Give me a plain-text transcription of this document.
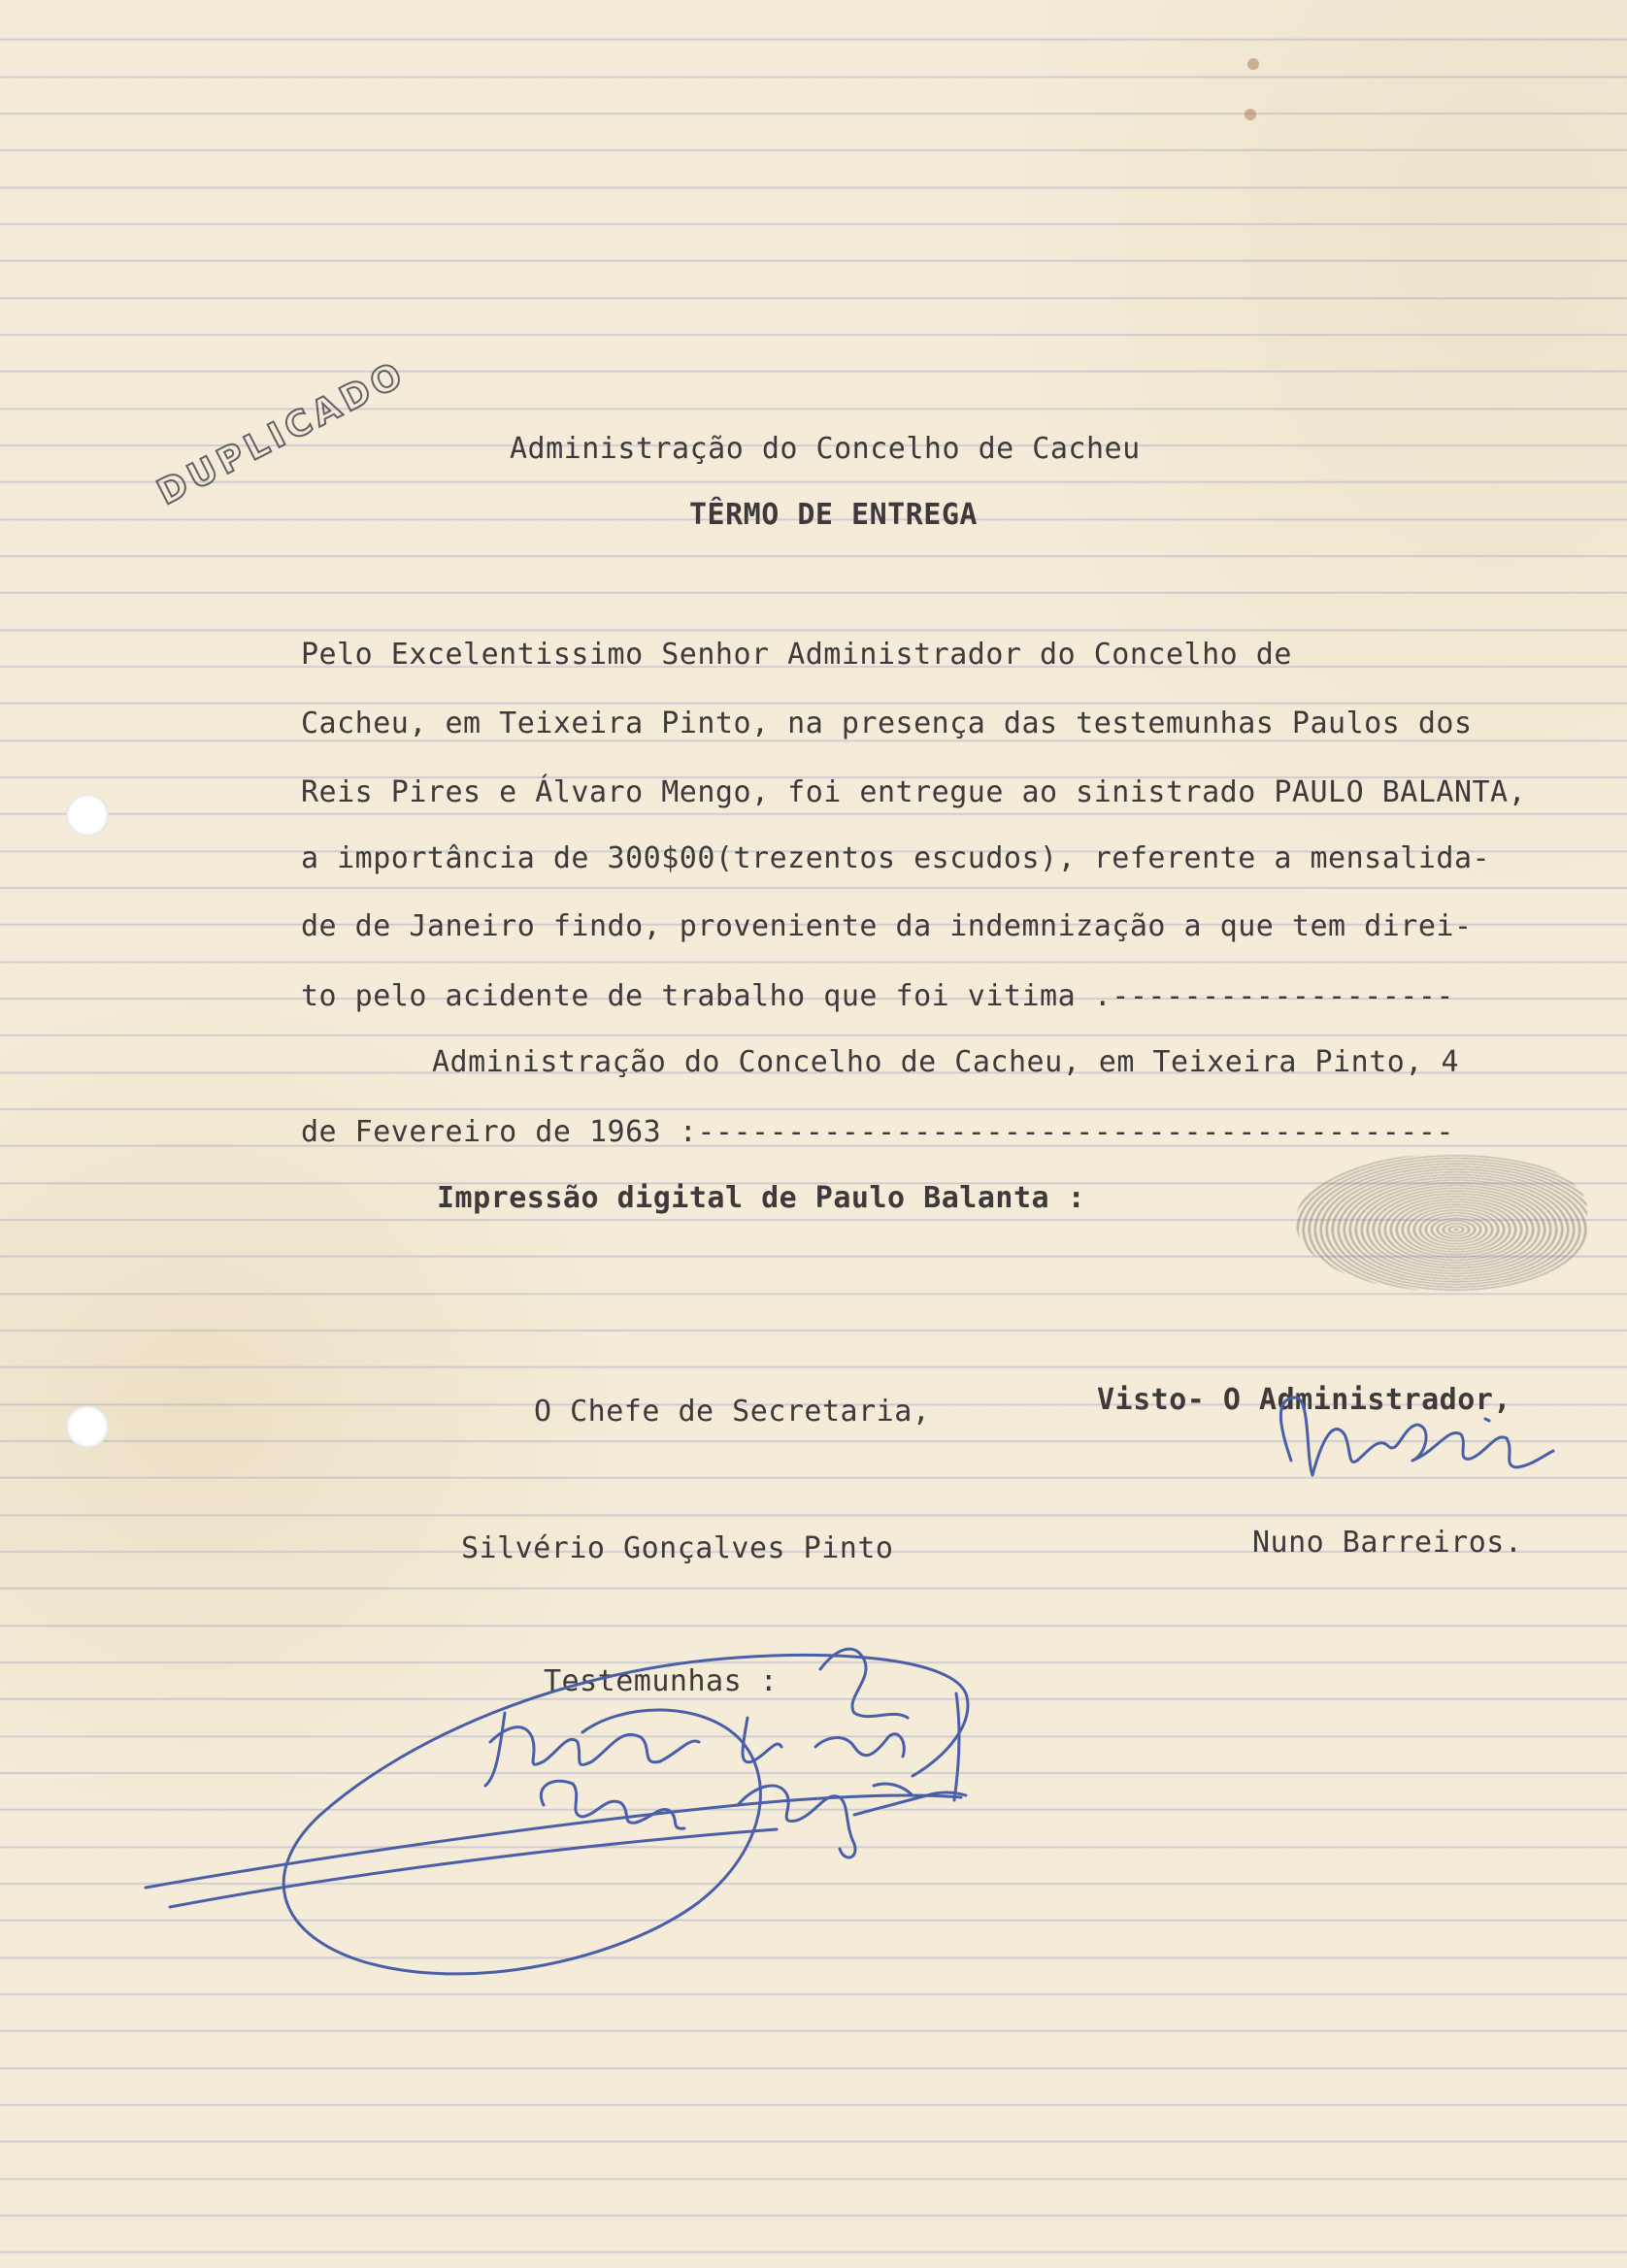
DUPLICADO	Administração do Concelho de Cacheu
TÊRMO DE ENTREGA
Pelo Excelentissimo Senhor Administrador do Concelho de
Cacheu, em Teixeira Pinto, na presença das testemunhas Paulos dos
Reis Pires e Álvaro Mengo, foi entregue ao sinistrado PAULO BALANTA,
a importância de 300$00(trezentos escudos), referente a mensalida-
de de Janeiro findo, proveniente da indemnização a que tem direi-
to pelo acidente de trabalho que foi vitima .-------------------
Administração do Concelho de Cacheu, em Teixeira Pinto, 4
de Fevereiro de 1963 :------------------------------------------
Impressão digital de Paulo Balanta :
O Chefe de Secretaria,	Visto- O Administrador,
Silvério Gonçalves Pinto	Nuno Barreiros.
Testemunhas :
